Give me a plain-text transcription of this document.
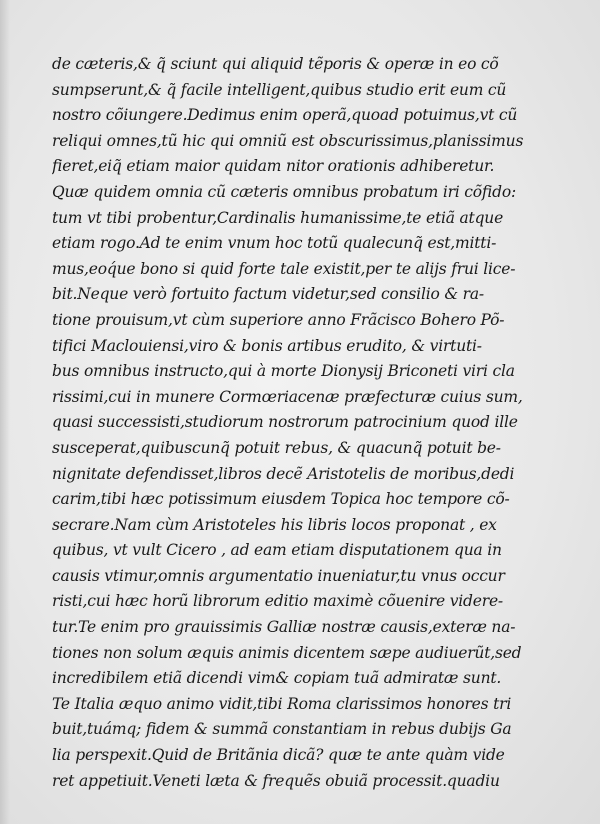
de cæteris,& q̃ sciunt qui aliquid tẽporis & operæ in eo cõ
sumpserunt,& q̃ facile intelligent,quibus studio erit eum cũ
nostro cõiungere.Dedimus enim operã,quoad potuimus,vt cũ
reliqui omnes,tũ hic qui omniũ est obscurissimus,planissimus
fieret,eiq̃ etiam maior quidam nitor orationis adhiberetur.
Quæ quidem omnia cũ cæteris omnibus probatum iri cõfido:
tum vt tibi probentur,Cardinalis humanissime,te etiã atque
etiam rogo.Ad te enim vnum hoc totũ qualecunq̃ est,mitti-
mus,eoq́ue bono si quid forte tale existit,per te alijs frui lice-
bit.Neque verò fortuito factum videtur,sed consilio & ra-
tione prouisum,vt cùm superiore anno Frãcisco Bohero Põ-
tifici Maclouiensi,viro & bonis artibus erudito, & virtuti-
bus omnibus instructo,qui à morte Dionysij Briconeti viri cla
rissimi,cui in munere Cormœriacenæ præfecturæ cuius sum,
quasi successisti,studiorum nostrorum patrocinium quod ille
susceperat,quibuscunq̃ potuit rebus, & quacunq̃ potuit be-
nignitate defendisset,libros decẽ Aristotelis de moribus,dedi
carim,tibi hæc potissimum eiusdem Topica hoc tempore cõ-
secrare.Nam cùm Aristoteles his libris locos proponat , ex
quibus, vt vult Cicero , ad eam etiam disputationem qua in
causis vtimur,omnis argumentatio inueniatur,tu vnus occur
risti,cui hæc horũ librorum editio maximè cõuenire videre-
tur.Te enim pro grauissimis Galliæ nostræ causis,exteræ na-
tiones non solum æquis animis dicentem sæpe audiuerũt,sed
incredibilem etiã dicendi vim& copiam tuã admiratæ sunt.
Te Italia æquo animo vidit,tibi Roma clarissimos honores tri
buit,tuámq; fidem & summã constantiam in rebus dubijs Ga
lia perspexit.Quid de Britãnia dicã? quæ te ante quàm vide
ret appetiuit.Veneti læta & frequẽs obuiã processit.quadiu
